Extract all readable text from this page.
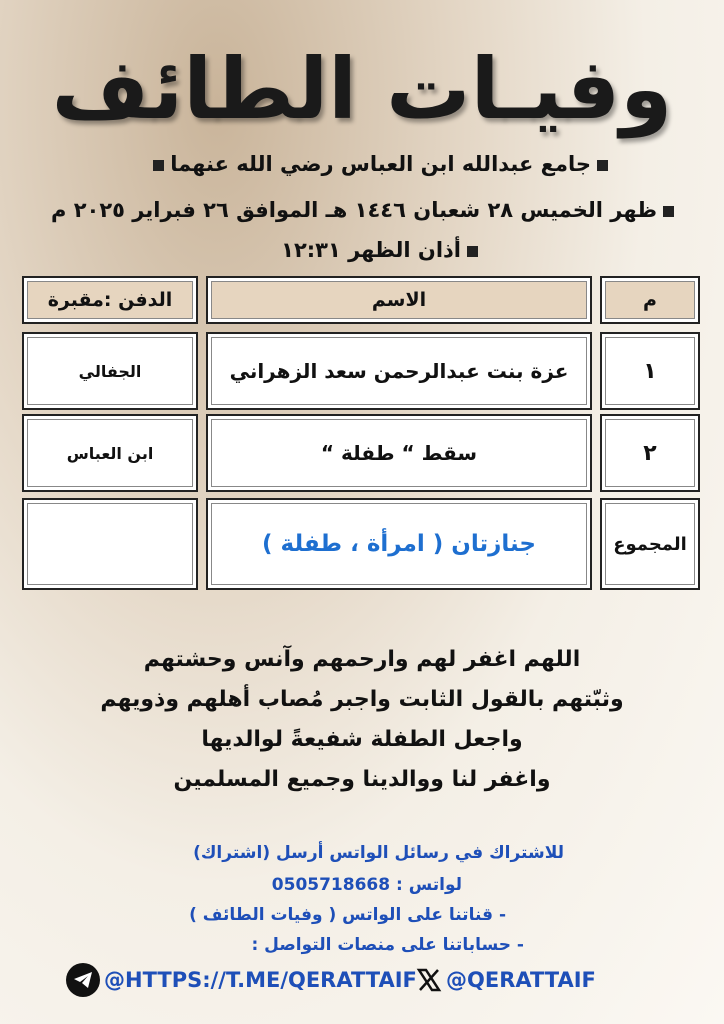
وفيـات الطائف
جامع عبدالله ابن العباس رضي الله عنهما
ظهر الخميس ٢٨ شعبان ١٤٤٦ هـ الموافق ٢٦ فبراير ٢٠٢٥ م
أذان الظهر ١٢:٣١
م
الاسم
الدفن :مقبرة
١
عزة بنت عبدالرحمن سعد الزهراني
الجفالي
٢
سقط “ طفلة “
ابن العباس
المجموع
جنازتان ( امرأة ، طفلة )
اللهم اغفر لهم وارحمهم وآنس وحشتهم
وثبّتهم بالقول الثابت واجبر مُصاب أهلهم وذويهم
واجعل الطفلة شفيعةً لوالديها
واغفر لنا ووالدينا وجميع المسلمين
للاشتراك في رسائل الواتس أرسل (اشتراك)
لواتس : 0505718668
- قناتنا على الواتس ( وفيات الطائف )
- حساباتنا على منصات التواصل :
@HTTPS://T.ME/QERATTAIF @QERATTAIF
